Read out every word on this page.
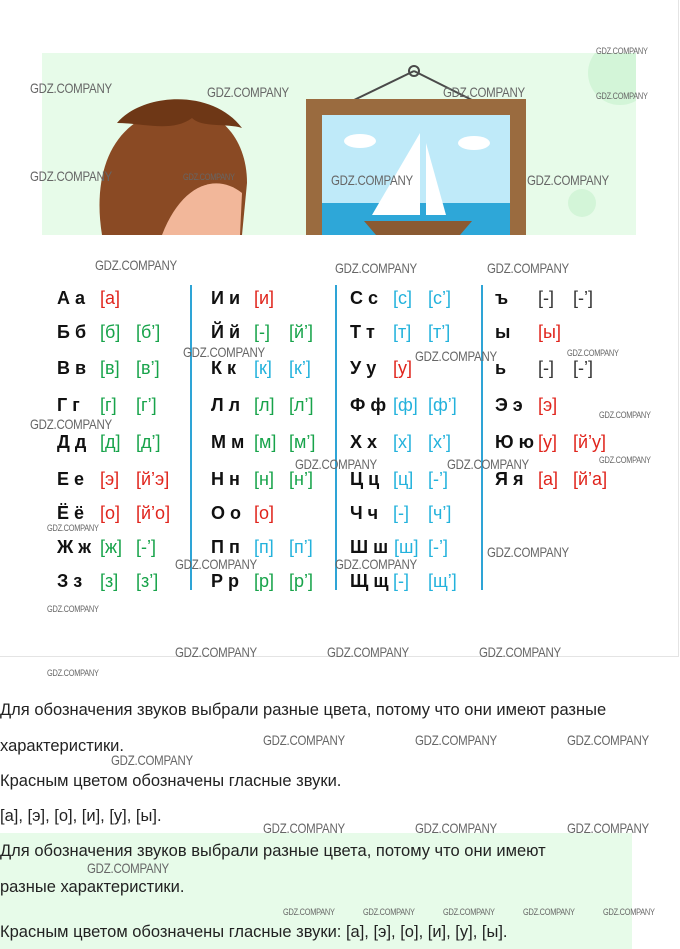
А а [а]
Б б [б] [б’]
В в [в] [в’]
Г г [г] [г’]
Д д [д] [д’]
Е е [э] [й’э]
Ё ё [о] [й’о]
Ж ж [ж] [-’]
З з [з] [з’]
И и [и]
Й й [-] [й’]
К к [к] [к’]
Л л [л] [л’]
М м [м] [м’]
Н н [н] [н’]
О о [о]
П п [п] [п’]
Р р [р] [р’]
С с [с] [с’]
Т т [т] [т’]
У у [у]
Ф ф [ф] [ф’]
Х х [х] [х’]
Ц ц [ц] [-’]
Ч ч [-] [ч’]
Ш ш [ш] [-’]
Щ щ [-] [щ’]
ъ [-] [-’]
ы [ы]
ь [-] [-’]
Э э [э]
Ю ю [у] [й’у]
Я я [а] [й’а]
Для обозначения звуков выбрали разные цвета, потому что они имеют разные
характеристики.
Красным цветом обозначены гласные звуки.
[а], [э], [о], [и], [у], [ы].
Для обозначения звуков выбрали разные цвета, потому что они имеют
разные характеристики.
Красным цветом обозначены гласные звуки: [а], [э], [о], [и], [у], [ы].
GDZ.COMPANY	GDZ.COMPANY	GDZ.COMPANY
GDZ.COMPANY
GDZ.COMPANY
GDZ.COMPANY	GDZ.COMPANY	GDZ.COMPANY	GDZ.COMPANY
GDZ.COMPANY	GDZ.COMPANY	GDZ.COMPANY
GDZ.COMPANY	GDZ.COMPANY	GDZ.COMPANY
GDZ.COMPANY
GDZ.COMPANY
GDZ.COMPANY	GDZ.COMPANY	GDZ.COMPANY
GDZ.COMPANY
GDZ.COMPANY
GDZ.COMPANY	GDZ.COMPANY
GDZ.COMPANY
GDZ.COMPANY	GDZ.COMPANY	GDZ.COMPANY
GDZ.COMPANY
GDZ.COMPANY
GDZ.COMPANY	GDZ.COMPANY	GDZ.COMPANY
GDZ.COMPANY	GDZ.COMPANY	GDZ.COMPANY
GDZ.COMPANY
GDZ.COMPANY	GDZ.COMPANY	GDZ.COMPANY	GDZ.COMPANY	GDZ.COMPANY
